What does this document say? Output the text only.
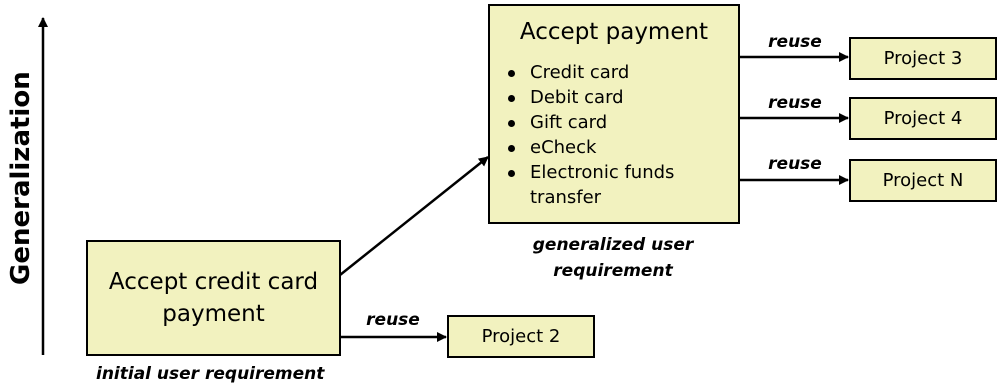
Generalization	Accept credit card payment
initial user requirement
Accept payment
Credit card
Debit card
Gift card
eCheck
Electronic funds transfer
generalized user requirement
Project 2
Project 3
Project 4
Project N
reuse
reuse
reuse
reuse
